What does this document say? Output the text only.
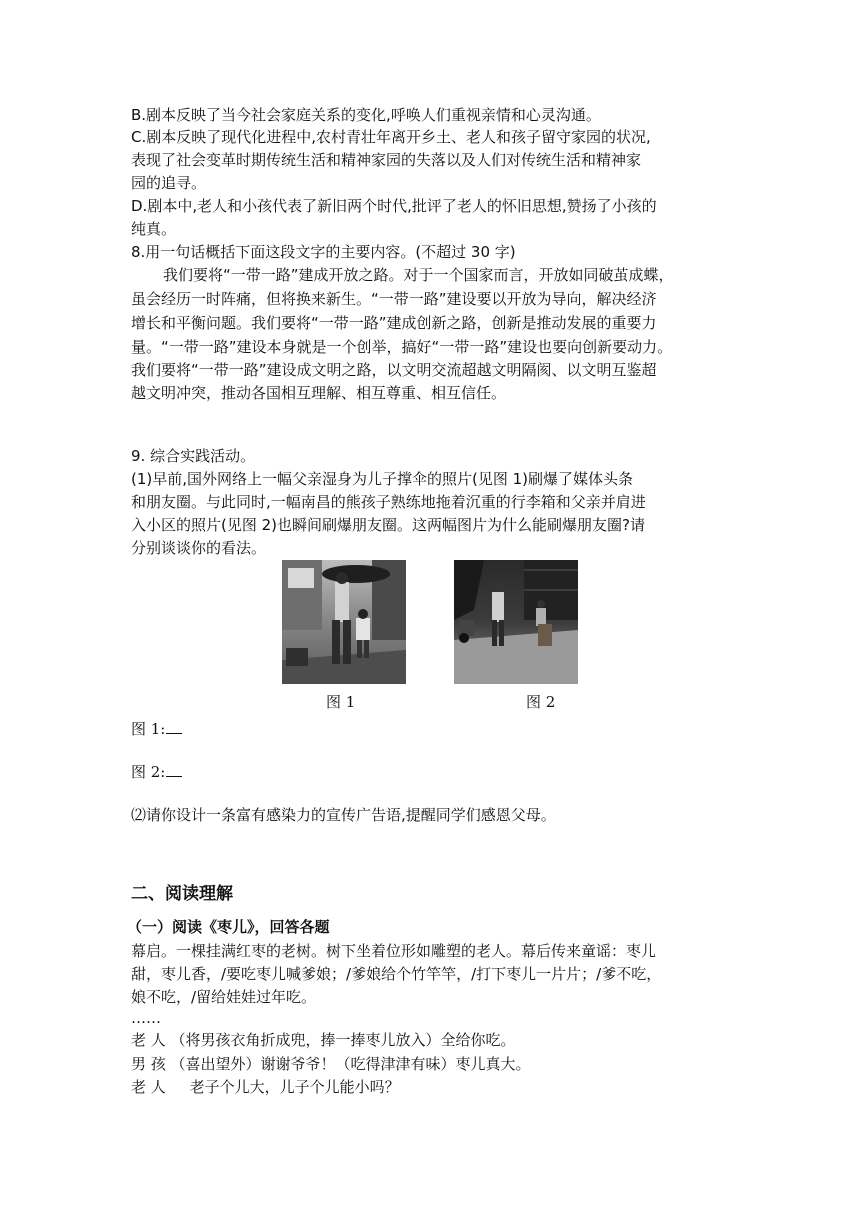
B.剧本反映了当今社会家庭关系的变化,呼唤人们重视亲情和心灵沟通。
C.剧本反映了现代化进程中,农村青壮年离开乡土、老人和孩子留守家园的状况,
表现了社会变革时期传统生活和精神家园的失落以及人们对传统生活和精神家
园的追寻。
D.剧本中,老人和小孩代表了新旧两个时代,批评了老人的怀旧思想,赞扬了小孩的
纯真。
8.用一句话概括下面这段文字的主要内容。(不超过 30 字)
我们要将“一带一路”建成开放之路。对于一个国家而言，开放如同破茧成蝶，
虽会经历一时阵痛，但将换来新生。“一带一路”建设要以开放为导向，解决经济
增长和平衡问题。我们要将“一带一路”建成创新之路，创新是推动发展的重要力
量。“一带一路”建设本身就是一个创举，搞好“一带一路”建设也要向创新要动力。
我们要将“一带一路”建设成文明之路，以文明交流超越文明隔阂、以文明互鉴超
越文明冲突，推动各国相互理解、相互尊重、相互信任。
9. 综合实践活动。
(1)早前,国外网络上一幅父亲湿身为儿子撑伞的照片(见图 1)刷爆了媒体头条
和朋友圈。与此同时,一幅南昌的熊孩子熟练地拖着沉重的行李箱和父亲并肩进
入小区的照片(见图 2)也瞬间刷爆朋友圈。这两幅图片为什么能刷爆朋友圈?请
分别谈谈你的看法。
图 1	图 2
图 1:
图 2:
⑵请你设计一条富有感染力的宣传广告语,提醒同学们感恩父母。
二、阅读理解
（一）阅读《枣儿》，回答各题
幕启。一棵挂满红枣的老树。树下坐着位形如雕塑的老人。幕后传来童谣：枣儿
甜，枣儿香，/要吃枣儿喊爹娘；/爹娘给个竹竿竿，/打下枣儿一片片；/爹不吃，
娘不吃，/留给娃娃过年吃。
……
老 人 （将男孩衣角折成兜，捧一捧枣儿放入）全给你吃。
男 孩 （喜出望外）谢谢爷爷！（吃得津津有味）枣儿真大。
老 人     老子个儿大，儿子个儿能小吗？
